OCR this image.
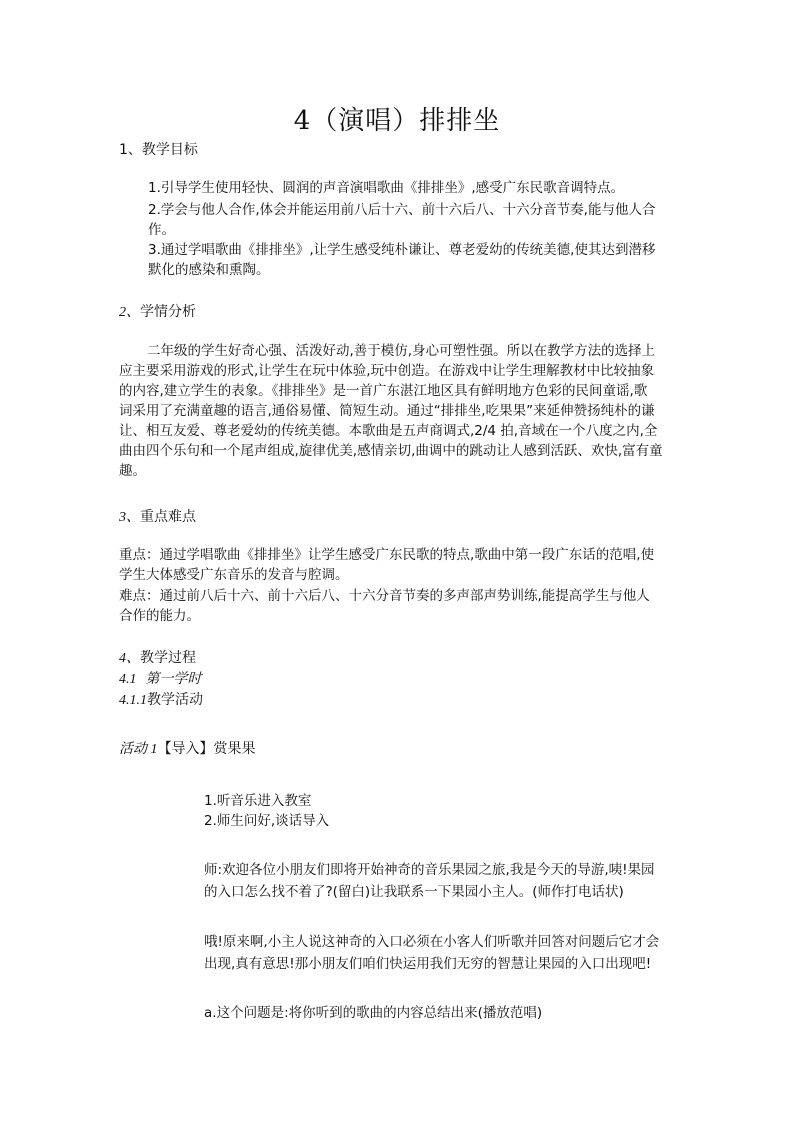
4（演唱）排排坐
1、教学目标
1.引导学生使用轻快、圆润的声音演唱歌曲《排排坐》,感受广东民歌音调特点。
2.学会与他人合作,体会并能运用前八后十六、前十六后八、十六分音节奏,能与他人合
作。
3.通过学唱歌曲《排排坐》,让学生感受纯朴谦让、尊老爱幼的传统美德,使其达到潜移
默化的感染和熏陶。
2、学情分析
二年级的学生好奇心强、活泼好动,善于模仿,身心可塑性强。所以在教学方法的选择上
应主要采用游戏的形式,让学生在玩中体验,玩中创造。在游戏中让学生理解教材中比较抽象
的内容,建立学生的表象。《排排坐》是一首广东湛江地区具有鲜明地方色彩的民间童谣,歌
词采用了充满童趣的语言,通俗易懂、简短生动。通过“排排坐,吃果果”来延伸赞扬纯朴的谦
让、相互友爱、尊老爱幼的传统美德。本歌曲是五声商调式,2/4 拍,音域在一个八度之内,全
曲由四个乐句和一个尾声组成,旋律优美,感情亲切,曲调中的跳动让人感到活跃、欢快,富有童
趣。
3、重点难点
重点：通过学唱歌曲《排排坐》让学生感受广东民歌的特点,歌曲中第一段广东话的范唱,使
学生大体感受广东音乐的发音与腔调。
难点：通过前八后十六、前十六后八、十六分音节奏的多声部声势训练,能提高学生与他人
合作的能力。
4、教学过程
4.1 第一学时
4.1.1教学活动
活动 1【导入】赏果果
1.听音乐进入教室
2.师生问好,谈话导入
师:欢迎各位小朋友们即将开始神奇的音乐果园之旅,我是今天的导游,咦!果园
的入口怎么找不着了?(留白)让我联系一下果园小主人。(师作打电话状)
哦!原来啊,小主人说这神奇的入口必须在小客人们听歌并回答对问题后它才会
出现,真有意思!那小朋友们咱们快运用我们无穷的智慧让果园的入口出现吧!
a.这个问题是:将你听到的歌曲的内容总结出来(播放范唱)
